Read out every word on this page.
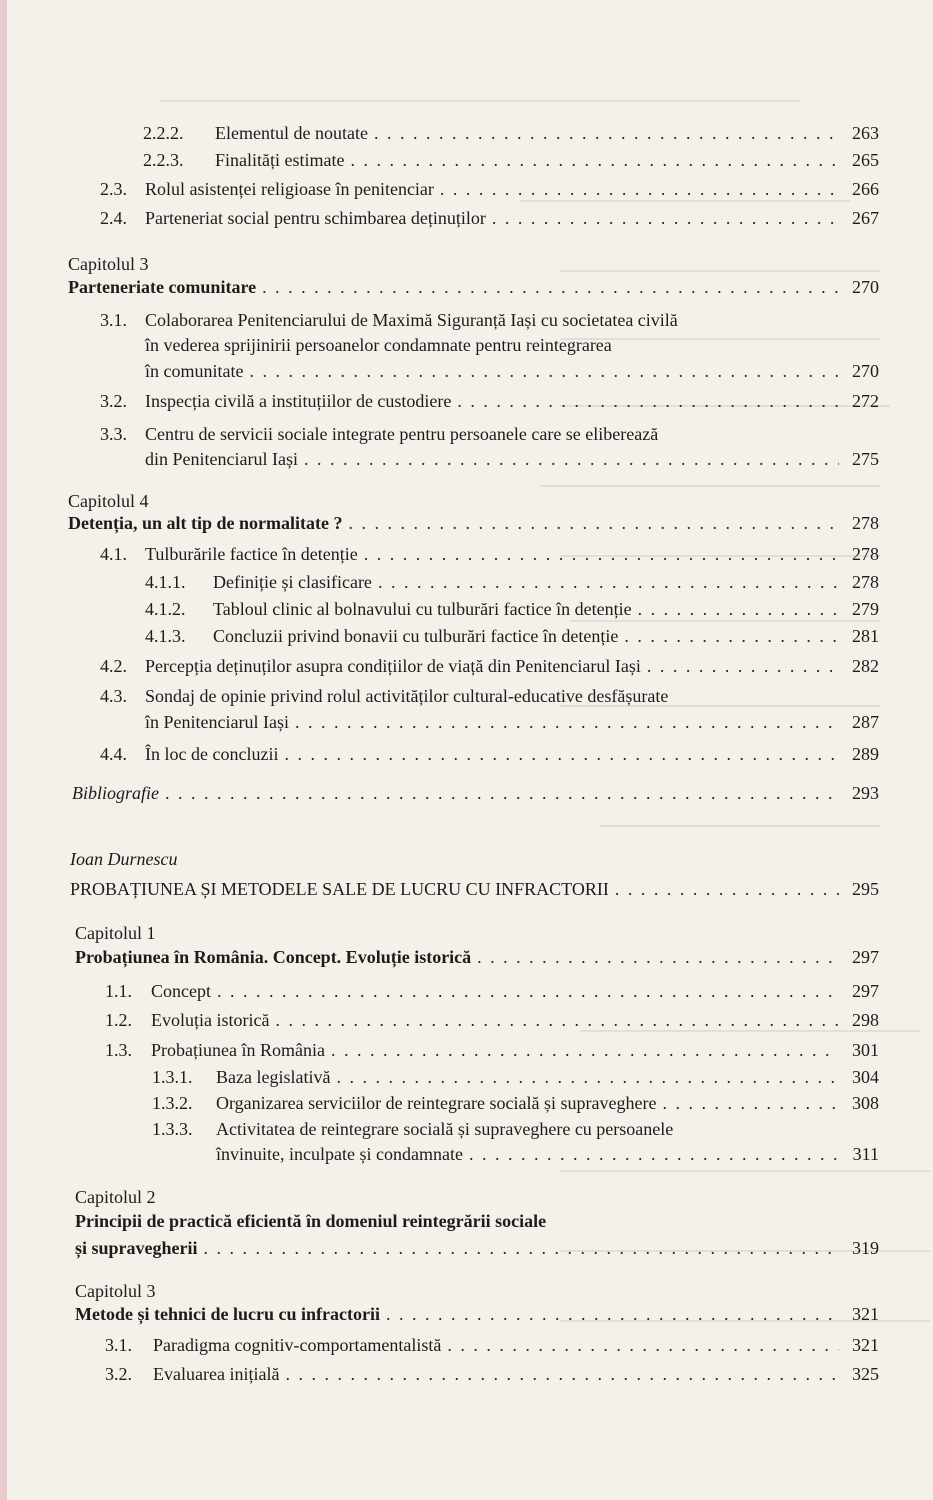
2.2.2.	Elementul de noutate . . .	263
2.2.3.	Finalități estimate . . .	265
2.3.	Rolul asistenței religioase în penitenciar . . .	266
2.4.	Parteneriat social pentru schimbarea deținuților . . .	267
Capitolul 3
Parteneriate comunitare . . .	270
3.1.	Colaborarea Penitenciarului de Maximă Siguranță Iași cu societatea civilă
în vederea sprijinirii persoanelor condamnate pentru reintegrarea
în comunitate . . .	270
3.2.	Inspecția civilă a instituțiilor de custodiere . . .	272
3.3.	Centru de servicii sociale integrate pentru persoanele care se eliberează
din Penitenciarul Iași . . .	275
Capitolul 4
Detenția, un alt tip de normalitate ? . . .	278
4.1.	Tulburările factice în detenție . . .	278
4.1.1.	Definiție și clasificare . . .	278
4.1.2.	Tabloul clinic al bolnavului cu tulburări factice în detenție . . .	279
4.1.3.	Concluzii privind bonavii cu tulburări factice în detenție . . .	281
4.2.	Percepția deținuților asupra condițiilor de viață din Penitenciarul Iași . . .	282
4.3.	Sondaj de opinie privind rolul activităților cultural-educative desfășurate
în Penitenciarul Iași . . .	287
4.4.	În loc de concluzii . . .	289
Bibliografie . . .	293
Ioan Durnescu
PROBAȚIUNEA ȘI METODELE SALE DE LUCRU CU INFRACTORII . . .	295
Capitolul 1
Probațiunea în România. Concept. Evoluție istorică . . .	297
1.1.	Concept . . .	297
1.2.	Evoluția istorică . . .	298
1.3.	Probațiunea în România . . .	301
1.3.1.	Baza legislativă . . .	304
1.3.2.	Organizarea serviciilor de reintegrare socială și supraveghere . . .	308
1.3.3.	Activitatea de reintegrare socială și supraveghere cu persoanele
învinuite, inculpate și condamnate . . .	311
Capitolul 2
Principii de practică eficientă în domeniul reintegrării sociale
și supravegherii . . .	319
Capitolul 3
Metode și tehnici de lucru cu infractorii . . .	321
3.1.	Paradigma cognitiv-comportamentalistă . . .	321
3.2.	Evaluarea inițială . . .	325
